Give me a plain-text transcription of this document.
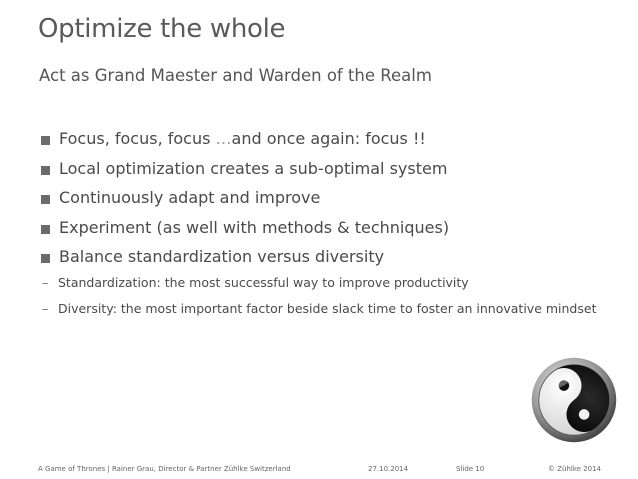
Optimize the whole
Act as Grand Maester and Warden of the Realm
Focus, focus, focus …and once again: focus !!
Local optimization creates a sub-optimal system
Continuously adapt and improve
Experiment (as well with methods & techniques)
Balance standardization versus diversity
– Standardization: the most successful way to improve productivity
– Diversity: the most important factor beside slack time to foster an innovative mindset
A Game of Thrones | Rainer Grau, Director & Partner Zühlke Switzerland	27.10.2014	Slide 10	© Zühlke 2014
